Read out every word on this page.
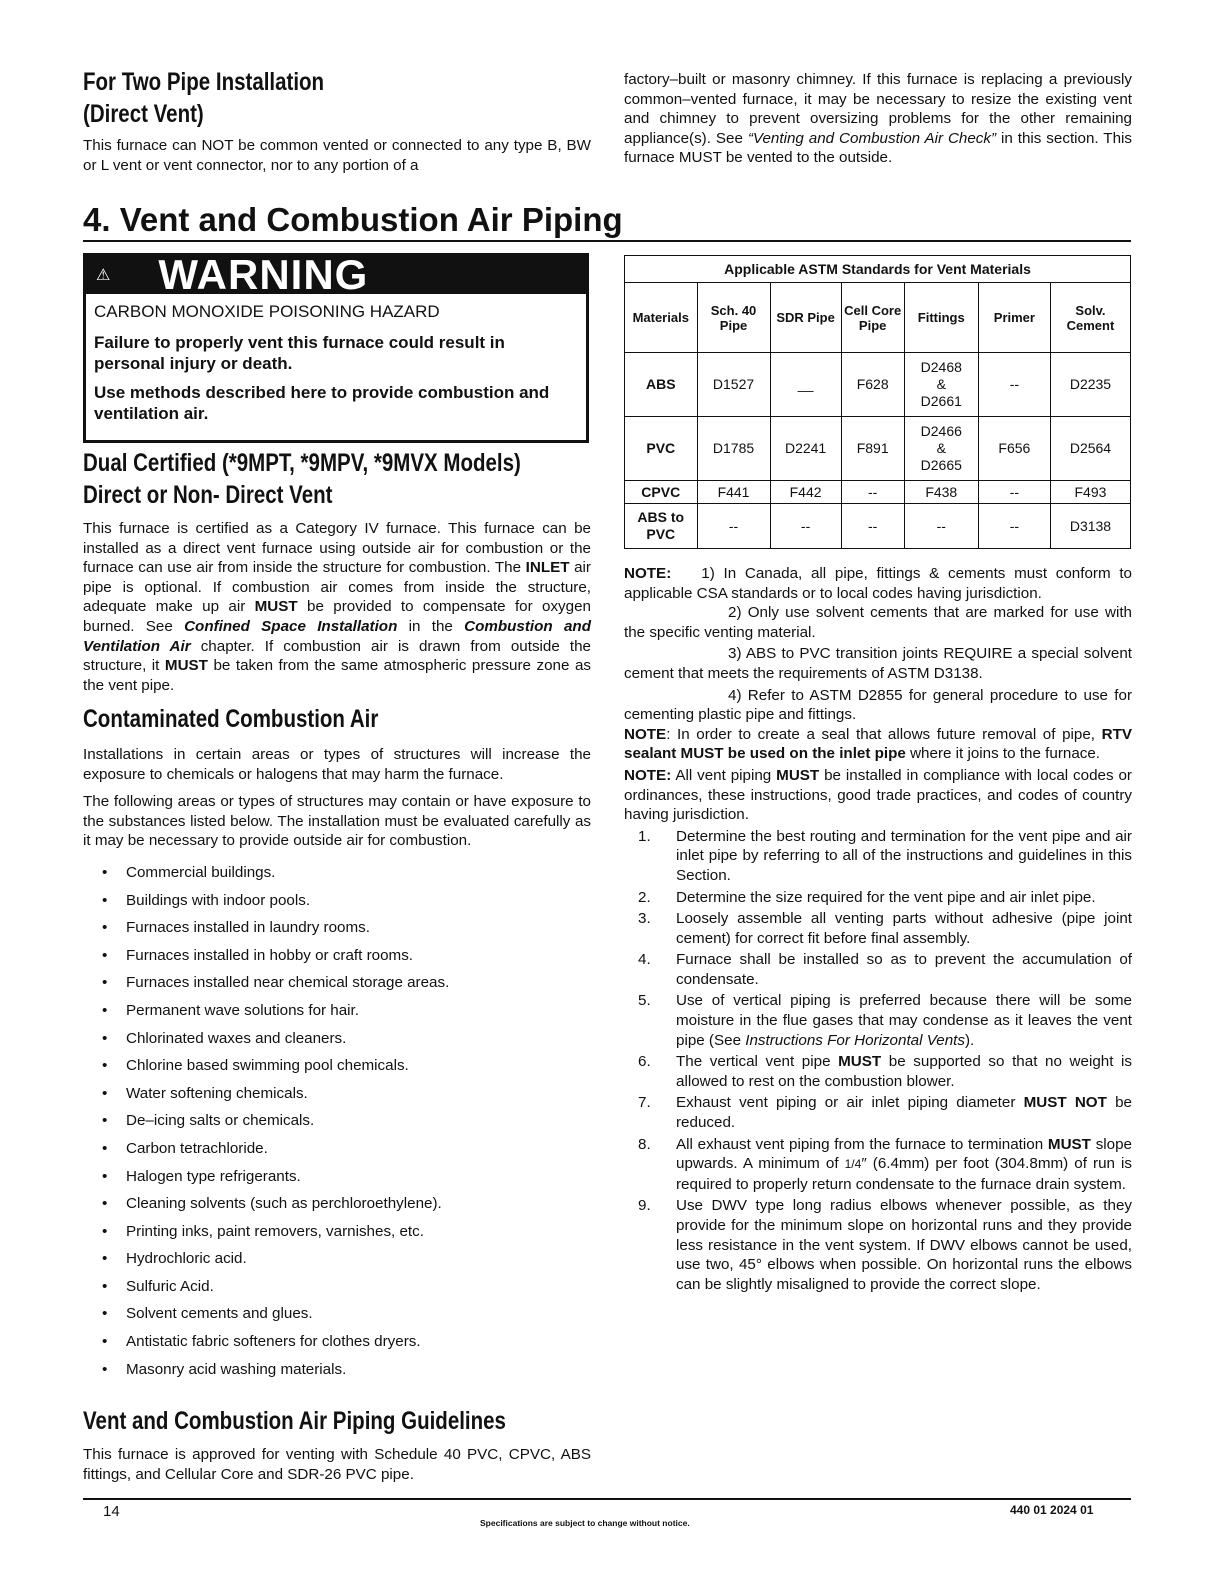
For Two Pipe Installation
(Direct Vent)

This furnace can NOT be common vented or connected to any type B, BW or L vent or vent connector, nor to any portion of a

factory–built or masonry chimney. If this furnace is replacing a previously common–vented furnace, it may be necessary to resize the existing vent and chimney to prevent oversizing problems for the other remaining appliance(s). See “Venting and Combustion Air Check” in this section. This furnace MUST be vented to the outside.

4. Vent and Combustion Air Piping
⚠ WARNING

CARBON MONOXIDE POISONING HAZARD

Failure to properly vent this furnace could result in personal injury or death.

Use methods described here to provide combustion and ventilation air.

Dual Certified (*9MPT, *9MPV, *9MVX Models)
Direct or Non- Direct Vent

This furnace is certified as a Category IV furnace. This furnace can be installed as a direct vent furnace using outside air for combustion or the furnace can use air from inside the structure for combustion. The INLET air pipe is optional. If combustion air comes from inside the structure, adequate make up air MUST be provided to compensate for oxygen burned. See Confined Space Installation in the Combustion and Ventilation Air chapter. If combustion air is drawn from outside the structure, it MUST be taken from the same atmospheric pressure zone as the vent pipe.

Contaminated Combustion Air

Installations in certain areas or types of structures will increase the exposure to chemicals or halogens that may harm the furnace.

The following areas or types of structures may contain or have exposure to the substances listed below. The installation must be evaluated carefully as it may be necessary to provide outside air for combustion.

• Commercial buildings.
• Buildings with indoor pools.
• Furnaces installed in laundry rooms.
• Furnaces installed in hobby or craft rooms.
• Furnaces installed near chemical storage areas.
• Permanent wave solutions for hair.
• Chlorinated waxes and cleaners.
• Chlorine based swimming pool chemicals.
• Water softening chemicals.
• De–icing salts or chemicals.
• Carbon tetrachloride.
• Halogen type refrigerants.
• Cleaning solvents (such as perchloroethylene).
• Printing inks, paint removers, varnishes, etc.
• Hydrochloric acid.
• Sulfuric Acid.
• Solvent cements and glues.
• Antistatic fabric softeners for clothes dryers.
• Masonry acid washing materials.
Vent and Combustion Air Piping Guidelines

This furnace is approved for venting with Schedule 40 PVC, CPVC, ABS fittings, and Cellular Core and SDR-26 PVC pipe.

Applicable ASTM Standards for Vent Materials						
Materials	Sch. 40 Pipe	SDR Pipe	Cell Core Pipe	Fittings	Primer	Solv. Cement
ABS	D1527	__	F628	D2468
&
D2661	--	D2235
PVC	D1785	D2241	F891	D2466
&
D2665	F656	D2564
CPVC	F441	F442	--	F438	--	F493
ABS to PVC	--	--	--	--	--	D3138

NOTE: 1) In Canada, all pipe, fittings & cements must conform to applicable CSA standards or to local codes having jurisdiction.

2) Only use solvent cements that are marked for use with the specific venting material.

3) ABS to PVC transition joints REQUIRE a special solvent cement that meets the requirements of ASTM D3138.

4) Refer to ASTM D2855 for general procedure to use for cementing plastic pipe and fittings.

NOTE: In order to create a seal that allows future removal of pipe, RTV sealant MUST be used on the inlet pipe where it joins to the furnace.

NOTE: All vent piping MUST be installed in compliance with local codes or ordinances, these instructions, good trade practices, and codes of country having jurisdiction.

1. Determine the best routing and termination for the vent pipe and air inlet pipe by referring to all of the instructions and guidelines in this Section.
2. Determine the size required for the vent pipe and air inlet pipe.
3. Loosely assemble all venting parts without adhesive (pipe joint cement) for correct fit before final assembly.
4. Furnace shall be installed so as to prevent the accumulation of condensate.
5. Use of vertical piping is preferred because there will be some moisture in the flue gases that may condense as it leaves the vent pipe (See Instructions For Horizontal Vents).
6. The vertical vent pipe MUST be supported so that no weight is allowed to rest on the combustion blower.
7. Exhaust vent piping or air inlet piping diameter MUST NOT be reduced.
8. All exhaust vent piping from the furnace to termination MUST slope upwards. A minimum of 1/4″ (6.4mm) per foot (304.8mm) of run is required to properly return condensate to the furnace drain system.
9. Use DWV type long radius elbows whenever possible, as they provide for the minimum slope on horizontal runs and they provide less resistance in the vent system. If DWV elbows cannot be used, use two, 45° elbows when possible. On horizontal runs the elbows can be slightly misaligned to provide the correct slope.
14
Specifications are subject to change without notice.
440 01 2024 01
